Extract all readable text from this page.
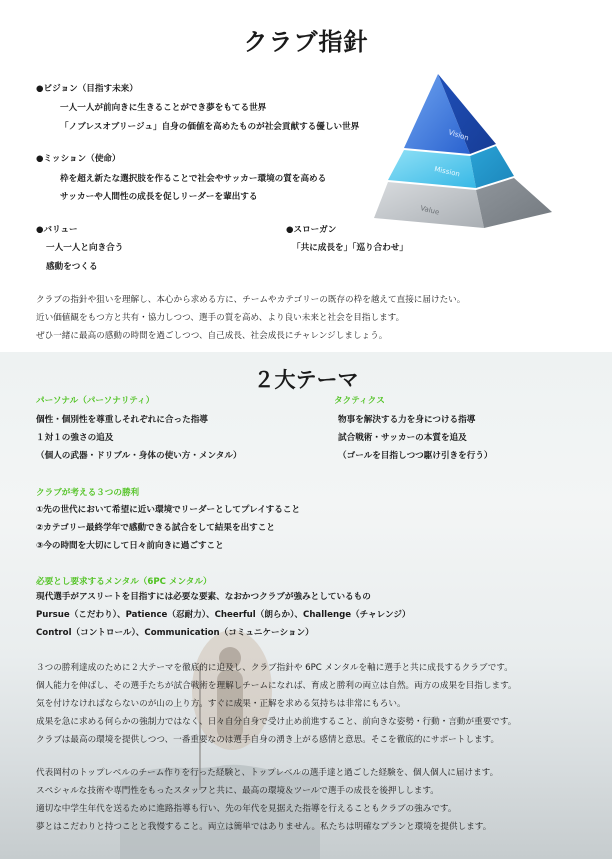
クラブ指針
●ビジョン（目指す未来）
一人一人が前向きに生きることができ夢をもてる世界
「ノブレスオブリージュ」自身の価値を高めたものが社会貢献する優しい世界
●ミッション（使命）
枠を超え新たな選択肢を作ることで社会やサッカー環境の質を高める
サッカーや人間性の成長を促しリーダーを輩出する
●バリュー
一人一人と向き合う
感動をつくる
●スローガン
「共に成長を」「巡り合わせ」
Vision
Mission
Value
クラブの指針や狙いを理解し、本心から求める方に、チームやカテゴリーの既存の枠を越えて直接に届けたい。
近い価値観をもつ方と共有・協力しつつ、選手の質を高め、より良い未来と社会を目指します。
ぜひ一緒に最高の感動の時間を過ごしつつ、自己成長、社会成長にチャレンジしましょう。
２大テーマ
パーソナル（パーソナリティ）
個性・個別性を尊重しそれぞれに合った指導
１対１の強さの追及
（個人の武器・ドリブル・身体の使い方・メンタル）
タクティクス
物事を解決する力を身につける指導
試合戦術・サッカーの本質を追及
（ゴールを目指しつつ駆け引きを行う）
クラブが考える３つの勝利
①先の世代において希望に近い環境でリーダーとしてプレイすること
②カテゴリー最終学年で感動できる試合をして結果を出すこと
③今の時間を大切にして日々前向きに過ごすこと
必要とし要求するメンタル（6PC メンタル）
現代選手がアスリートを目指すには必要な要素、なおかつクラブが強みとしているもの
Pursue（こだわり）、Patience（忍耐力）、Cheerful（朗らか）、Challenge（チャレンジ）
Control（コントロール）、Communication（コミュニケーション）
３つの勝利達成のために２大テーマを徹底的に追及し、クラブ指針や 6PC メンタルを軸に選手と共に成長するクラブです。
個人能力を伸ばし、その選手たちが試合戦術を理解しチームになれば、育成と勝利の両立は自然。両方の成果を目指します。
気を付けなければならないのが山の上り方。すぐに成果・正解を求める気持ちは非常にもろい。
成果を急に求める何らかの強制力ではなく、日々自分自身で受け止め前進すること、前向きな姿勢・行動・言動が重要です。
クラブは最高の環境を提供しつつ、一番重要なのは選手自身の湧き上がる感情と意思。そこを徹底的にサポートします。
代表岡村のトップレベルのチーム作りを行った経験と、トップレベルの選手達と過ごした経験を、個人個人に届けます。
スペシャルな技術や専門性をもったスタッフと共に、最高の環境＆ツールで選手の成長を後押しします。
適切な中学生年代を送るために進路指導も行い、先の年代を見据えた指導を行えることもクラブの強みです。
夢とはこだわりと持つことと我慢すること。両立は簡単ではありません。私たちは明確なプランと環境を提供します。
